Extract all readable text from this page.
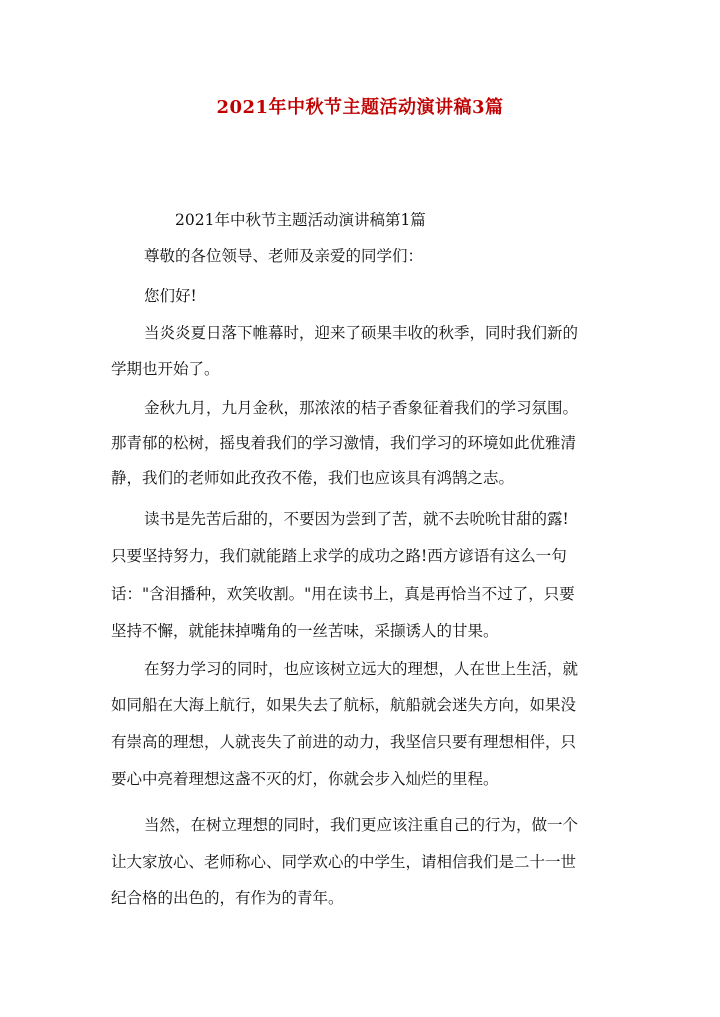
2021年中秋节主题活动演讲稿3篇

2021年中秋节主题活动演讲稿第1篇

尊敬的各位领导、老师及亲爱的同学们：

您们好!

当炎炎夏日落下帷幕时，迎来了硕果丰收的秋季，同时我们新的

学期也开始了。

金秋九月，九月金秋，那浓浓的桔子香象征着我们的学习氛围。

那青郁的松树，摇曳着我们的学习激情，我们学习的环境如此优雅清

静，我们的老师如此孜孜不倦，我们也应该具有鸿鹄之志。

读书是先苦后甜的，不要因为尝到了苦，就不去吮吮甘甜的露!

只要坚持努力，我们就能踏上求学的成功之路!西方谚语有这么一句

话："含泪播种，欢笑收割。"用在读书上，真是再恰当不过了，只要

坚持不懈，就能抹掉嘴角的一丝苦味，采撷诱人的甘果。

在努力学习的同时，也应该树立远大的理想，人在世上生活，就

如同船在大海上航行，如果失去了航标，航船就会迷失方向，如果没

有崇高的理想，人就丧失了前进的动力，我坚信只要有理想相伴，只

要心中亮着理想这盏不灭的灯，你就会步入灿烂的里程。

当然，在树立理想的同时，我们更应该注重自己的行为，做一个

让大家放心、老师称心、同学欢心的中学生，请相信我们是二十一世

纪合格的出色的，有作为的青年。
